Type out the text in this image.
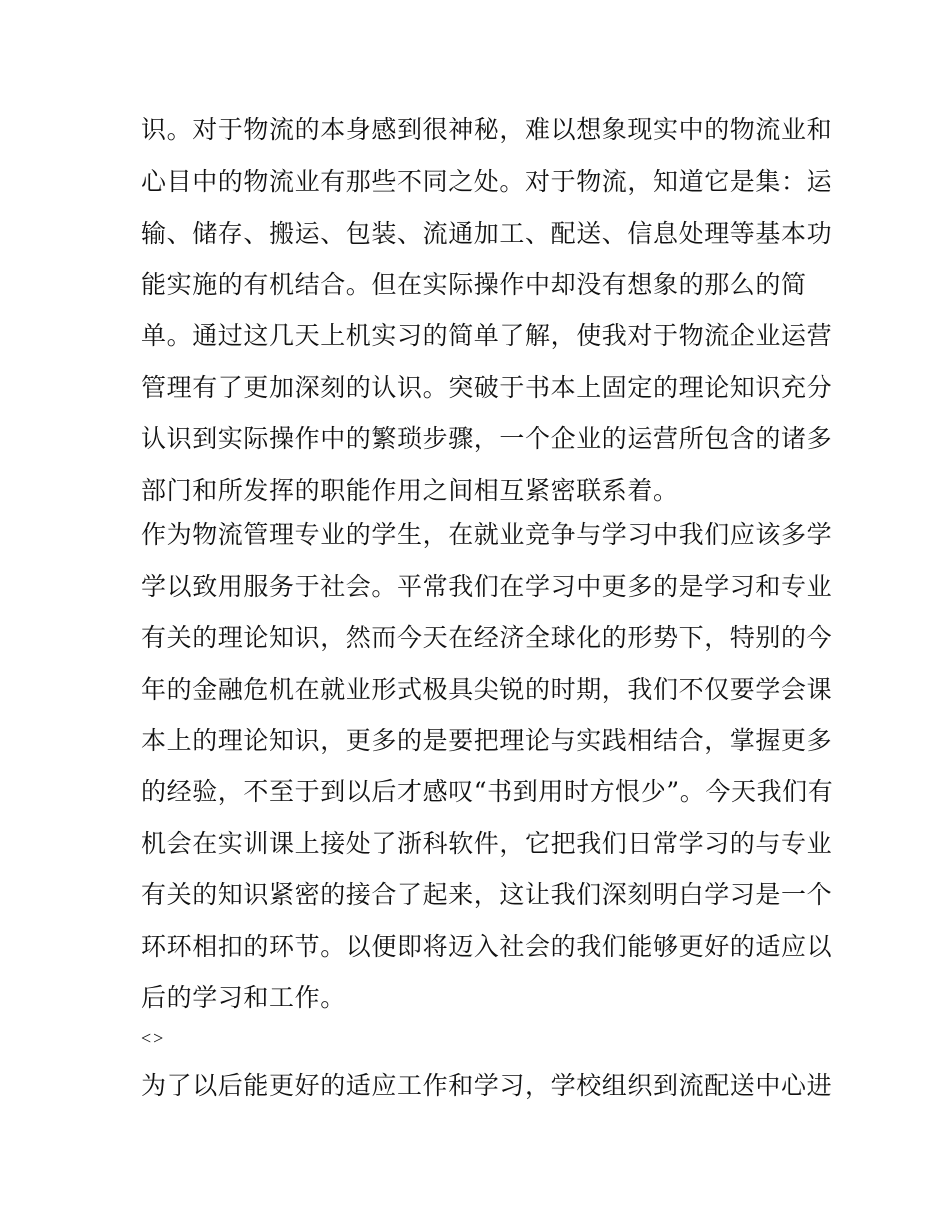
识。对于物流的本身感到很神秘，难以想象现实中的物流业和
心目中的物流业有那些不同之处。对于物流，知道它是集：运
输、储存、搬运、包装、流通加工、配送、信息处理等基本功
能实施的有机结合。但在实际操作中却没有想象的那么的简
单。通过这几天上机实习的简单了解，使我对于物流企业运营
管理有了更加深刻的认识。突破于书本上固定的理论知识充分
认识到实际操作中的繁琐步骤，一个企业的运营所包含的诸多
部门和所发挥的职能作用之间相互紧密联系着。
作为物流管理专业的学生，在就业竞争与学习中我们应该多学
学以致用服务于社会。平常我们在学习中更多的是学习和专业
有关的理论知识，然而今天在经济全球化的形势下，特别的今
年的金融危机在就业形式极具尖锐的时期，我们不仅要学会课
本上的理论知识，更多的是要把理论与实践相结合，掌握更多
的经验，不至于到以后才感叹“书到用时方恨少”。今天我们有
机会在实训课上接处了浙科软件，它把我们日常学习的与专业
有关的知识紧密的接合了起来，这让我们深刻明白学习是一个
环环相扣的环节。以便即将迈入社会的我们能够更好的适应以
后的学习和工作。
<>
为了以后能更好的适应工作和学习，学校组织到流配送中心进
